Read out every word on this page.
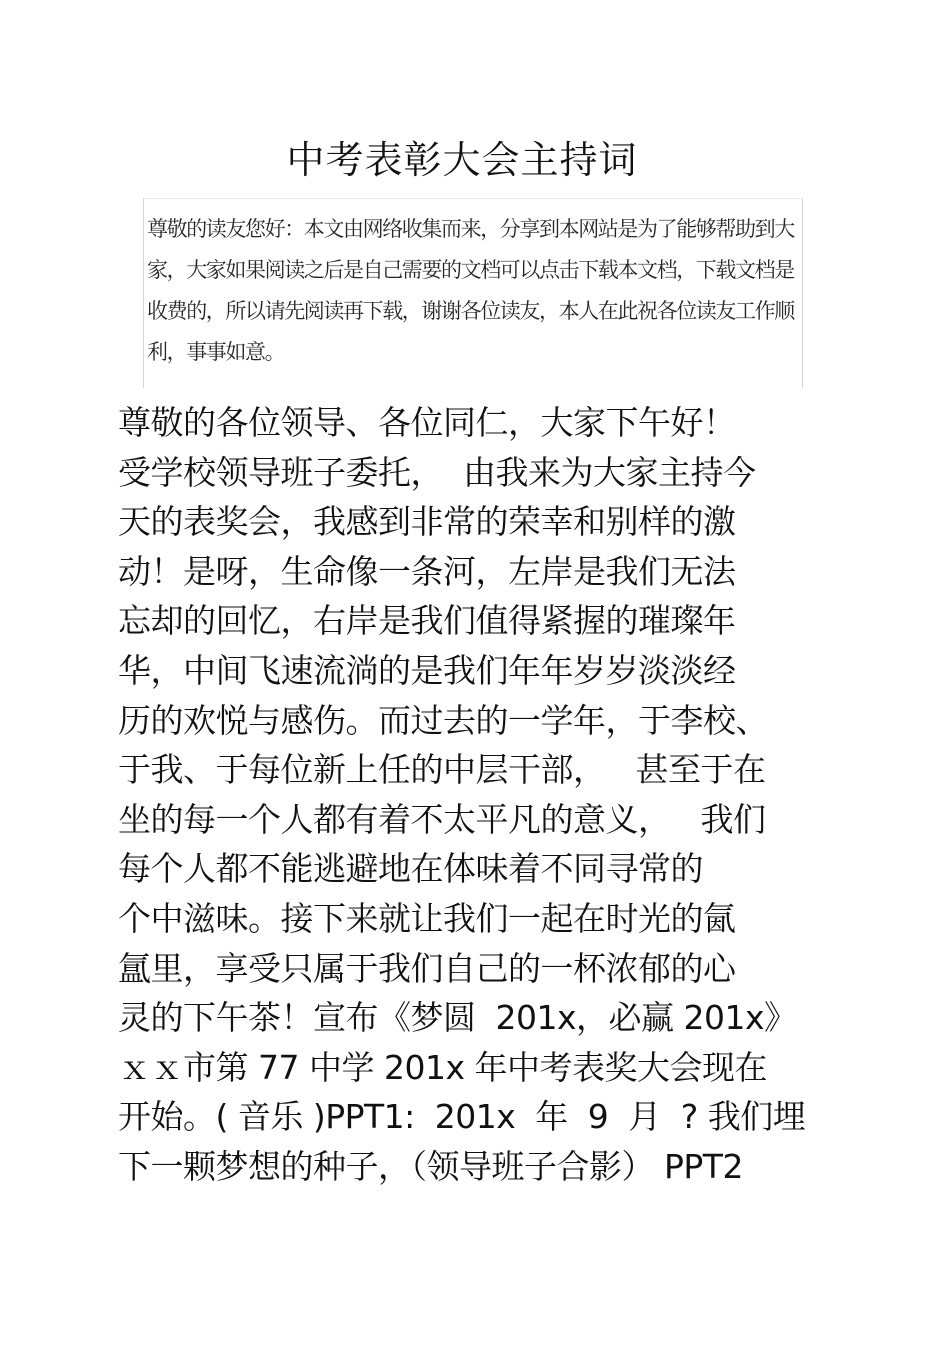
中考表彰大会主持词
尊敬的读友您好：本文由网络收集而来，分享到本网站是为了能够帮助到大
家，大家如果阅读之后是自己需要的文档可以点击下载本文档，下载文档是
收费的，所以请先阅读再下载，谢谢各位读友，本人在此祝各位读友工作顺
利，事事如意。
尊敬的各位领导、各位同仁，大家下午好！
受学校领导班子委托，  由我来为大家主持今
天的表奖会，我感到非常的荣幸和别样的激
动！是呀，生命像一条河，左岸是我们无法
忘却的回忆，右岸是我们值得紧握的璀璨年
华，中间飞速流淌的是我们年年岁岁淡淡经
历的欢悦与感伤。而过去的一学年，于李校、
于我、于每位新上任的中层干部，   甚至于在
坐的每一个人都有着不太平凡的意义，   我们
每个人都不能逃避地在体味着不同寻常的
个中滋味。接下来就让我们一起在时光的氤
氲里，享受只属于我们自己的一杯浓郁的心
灵的下午茶！宣布《梦圆  201x，必赢 201x》
ｘｘ市第 77 中学 201x 年中考表奖大会现在
开始。( 音乐 )PPT1:  201x  年  9  月  ? 我们埋
下一颗梦想的种子，（领导班子合影） PPT2
